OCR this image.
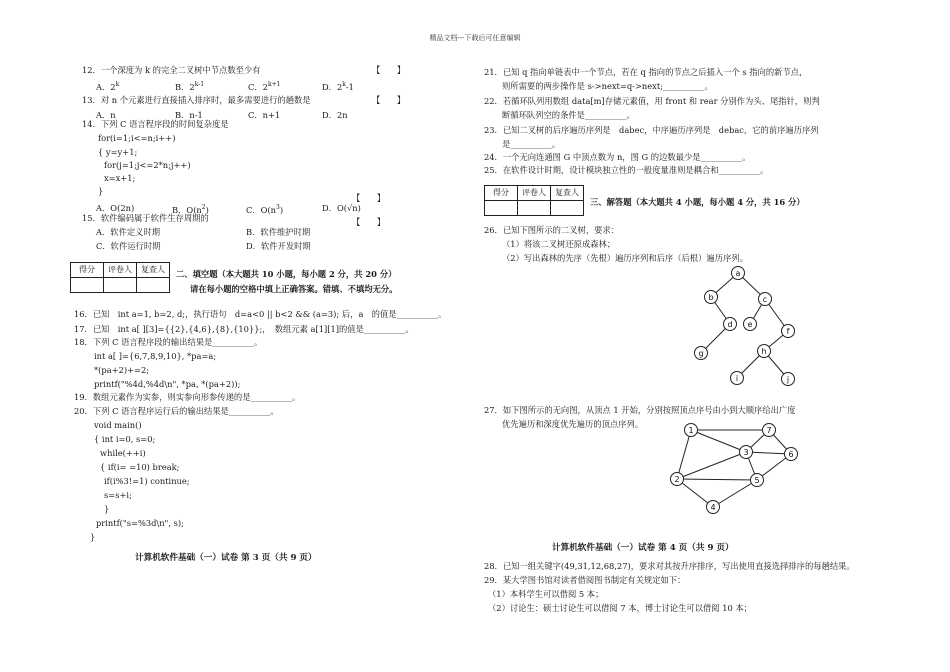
精品文档---下载后可任意编辑
12．一个深度为 k 的完全二叉树中节点数至少有	【　　】
A．2$^k$	B．2$^{k-1}$	C．$2^{k+1}$	D．2$^k$-1
13．对 n 个元素进行直接插入排序时，最多需要进行的趟数是	【　　】
A．n	B．n-1	C．n+1	D．2n
14．下列 C 语言程序段的时间复杂度是
for(i=1;i<=n;i++)
{ y=y+1;
for(j=1;j<=2*n;j++)
x=x+1;
}
【　　】
A．O(2n)	B．$O(n^2)$	C．$O(n^3)$	D．O(√n)
15．软件编码属于软件生存周期的	【　　】
A．软件定义时期	B．软件维护时期
C．软件运行时期	D．软件开发时期
得分	评卷人	复查人
		二、填空题（本大题共 10 小题，每小题 2 分，共 20 分）
请在每小题的空格中填上正确答案。错填、不填均无分。
16．已知　int a=1, b=2, d;，执行语句　d=a<0 || b<2 && (a=3); 后，a　的值是__________。
17．已知　int a[ ][3]={{2},{4,6},{8},{10}};，　数组元素 a[1][1]的值是__________。
18．下列 C 语言程序段的输出结果是__________。
int a[ ]={6,7,8,9,10}, *pa=a;
*(pa+2)+=2;
printf("%4d,%4d\n", *pa, *(pa+2));
19．数组元素作为实参，则实参向形参传递的是__________。
20．下列 C 语言程序运行后的输出结果是__________。
void main()
{ int i=0, s=0;
while(++i)
{ if(i= =10) break;
if(i%3!=1) continue;
s=s+i;
}
printf("s=%3d\n", s);
}
计算机软件基础（一）试卷 第 3 页（共 9 页）
21．已知 q 指向单链表中一个节点，若在 q 指向的节点之后插入一个 s 指向的新节点，
则所需要的两步操作是 s->next=q->next;__________。
22．若循环队列用数组 data[m]存储元素值，用 front 和 rear 分别作为头、尾指针，则判
断循环队列空的条件是__________。
23．已知二叉树的后序遍历序列是　dabec，中序遍历序列是　debac，它的前序遍历序列
是__________。
24．一个无向连通图 G 中顶点数为 n，图 G 的边数最少是__________。
25．在软件设计时期，设计模块独立性的一般度量准则是耦合和__________。
得分	评卷人	复查人

三、解答题（本大题共 4 小题，每小题 4 分，共 16 分）
26．已知下图所示的二叉树，要求：
（1）将该二叉树还原成森林；
（2）写出森林的先序（先根）遍历序列和后序（后根）遍历序列。
a
b	c
d e
f
g	h
i	j
27．如下图所示的无向图，从顶点 1 开始，分别按照顶点序号由小到大顺序给出广度
优先遍历和深度优先遍历的顶点序列。
1
2
3
4
5
6
7
计算机软件基础（一）试卷 第 4 页（共 9 页）
28．已知一组关键字(49,31,12,68,27)，要求对其按升序排序，写出使用直接选择排序的每趟结果。
29．某大学图书馆对读者借阅图书制定有关规定如下：
（1）本科学生可以借阅 5 本；
（2）讨论生：硕士讨论生可以借阅 7 本，博士讨论生可以借阅 10 本；
